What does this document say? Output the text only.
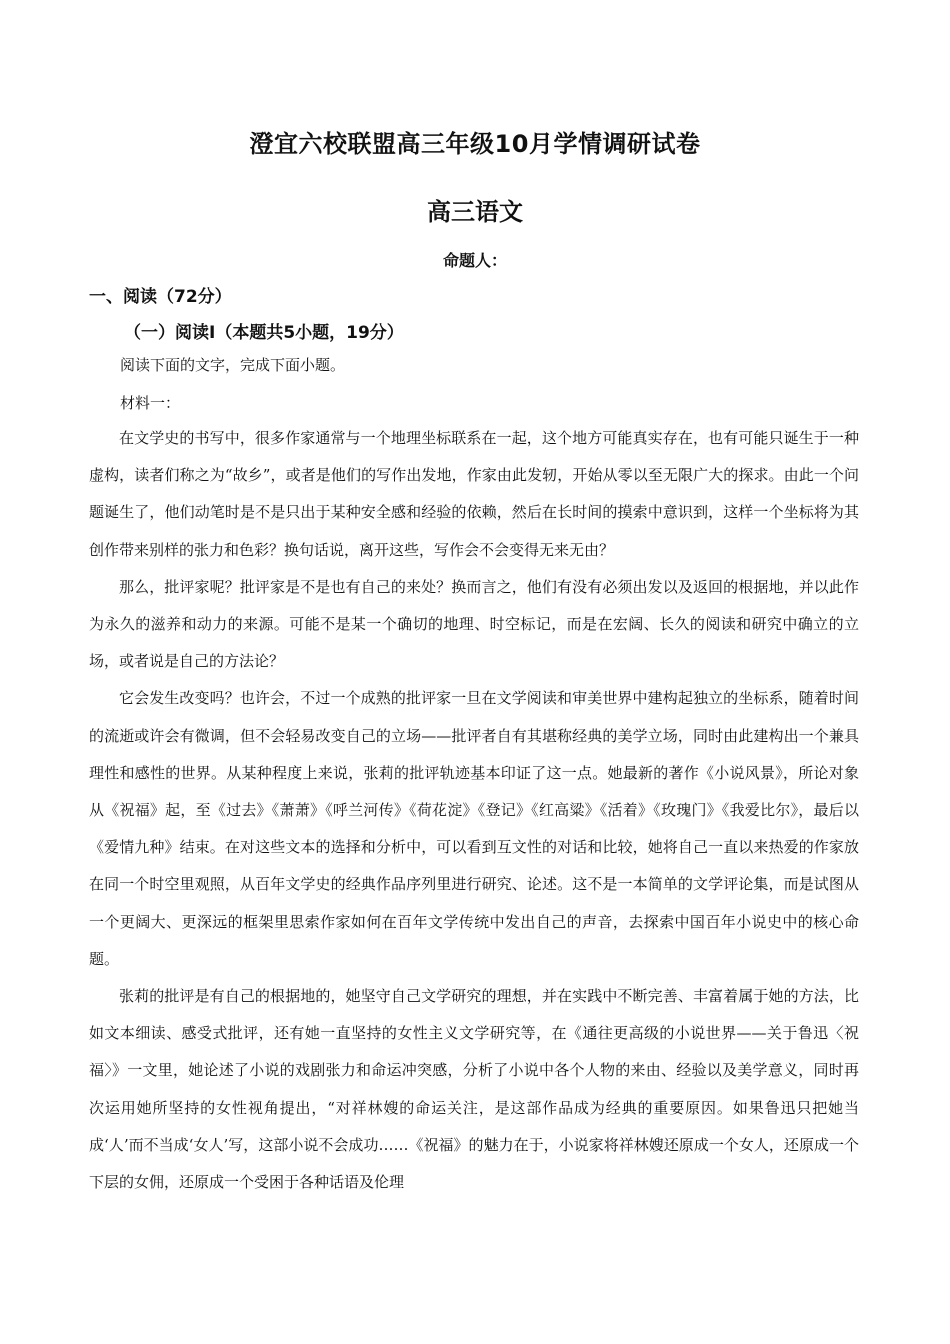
澄宜六校联盟高三年级10月学情调研试卷
高三语文
命题人：
一、阅读（72分）
（一）阅读Ⅰ（本题共5小题，19分）
阅读下面的文字，完成下面小题。
材料一：

在文学史的书写中，很多作家通常与一个地理坐标联系在一起，这个地方可能真实存在，也有可能只诞生于一种虚构，读者们称之为“故乡”，或者是他们的写作出发地，作家由此发轫，开始从零以至无限广大的探求。由此一个问题诞生了，他们动笔时是不是只出于某种安全感和经验的依赖，然后在长时间的摸索中意识到，这样一个坐标将为其创作带来别样的张力和色彩？换句话说，离开这些，写作会不会变得无来无由？

那么，批评家呢？批评家是不是也有自己的来处？换而言之，他们有没有必须出发以及返回的根据地，并以此作为永久的滋养和动力的来源。可能不是某一个确切的地理、时空标记，而是在宏阔、长久的阅读和研究中确立的立场，或者说是自己的方法论？

它会发生改变吗？也许会，不过一个成熟的批评家一旦在文学阅读和审美世界中建构起独立的坐标系，随着时间的流逝或许会有微调，但不会轻易改变自己的立场——批评者自有其堪称经典的美学立场，同时由此建构出一个兼具理性和感性的世界。从某种程度上来说，张莉的批评轨迹基本印证了这一点。她最新的著作《小说风景》，所论对象从《祝福》起，至《过去》《萧萧》《呼兰河传》《荷花淀》《登记》《红高粱》《活着》《玫瑰门》《我爱比尔》，最后以《爱情九种》结束。在对这些文本的选择和分析中，可以看到互文性的对话和比较，她将自己一直以来热爱的作家放在同一个时空里观照，从百年文学史的经典作品序列里进行研究、论述。这不是一本简单的文学评论集，而是试图从一个更阔大、更深远的框架里思索作家如何在百年文学传统中发出自己的声音，去探索中国百年小说史中的核心命题。

张莉的批评是有自己的根据地的，她坚守自己文学研究的理想，并在实践中不断完善、丰富着属于她的方法，比如文本细读、感受式批评，还有她一直坚持的女性主义文学研究等，在《通往更高级的小说世界——关于鲁迅〈祝福〉》一文里，她论述了小说的戏剧张力和命运冲突感，分析了小说中各个人物的来由、经验以及美学意义，同时再次运用她所坚持的女性视角提出，“对祥林嫂的命运关注，是这部作品成为经典的重要原因。如果鲁迅只把她当成‘人’而不当成‘女人’写，这部小说不会成功……《祝福》的魅力在于，小说家将祥林嫂还原成一个女人，还原成一个下层的女佣，还原成一个受困于各种话语及伦理
